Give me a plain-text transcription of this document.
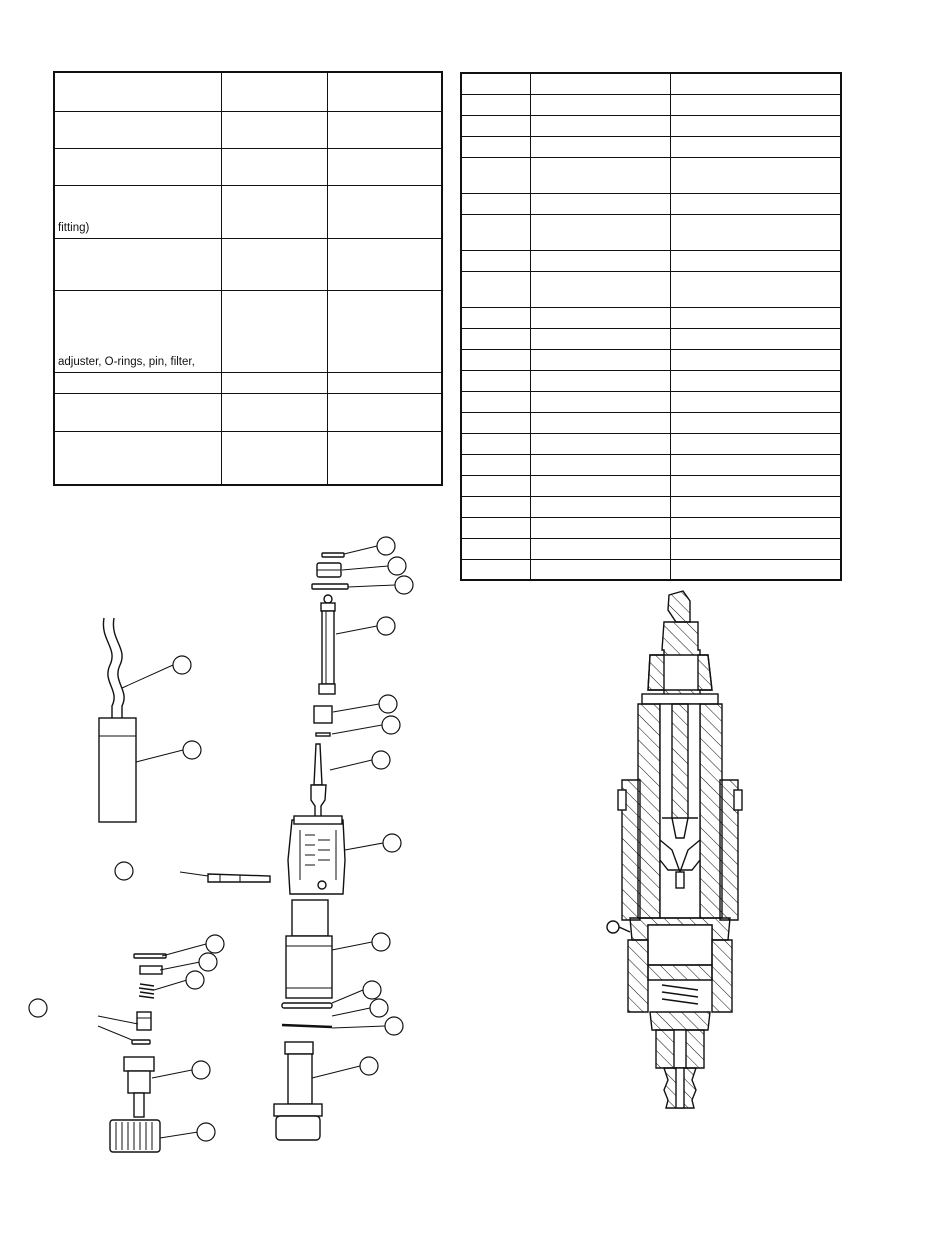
fitting)		

adjuster, O-rings, pin, filter,		
